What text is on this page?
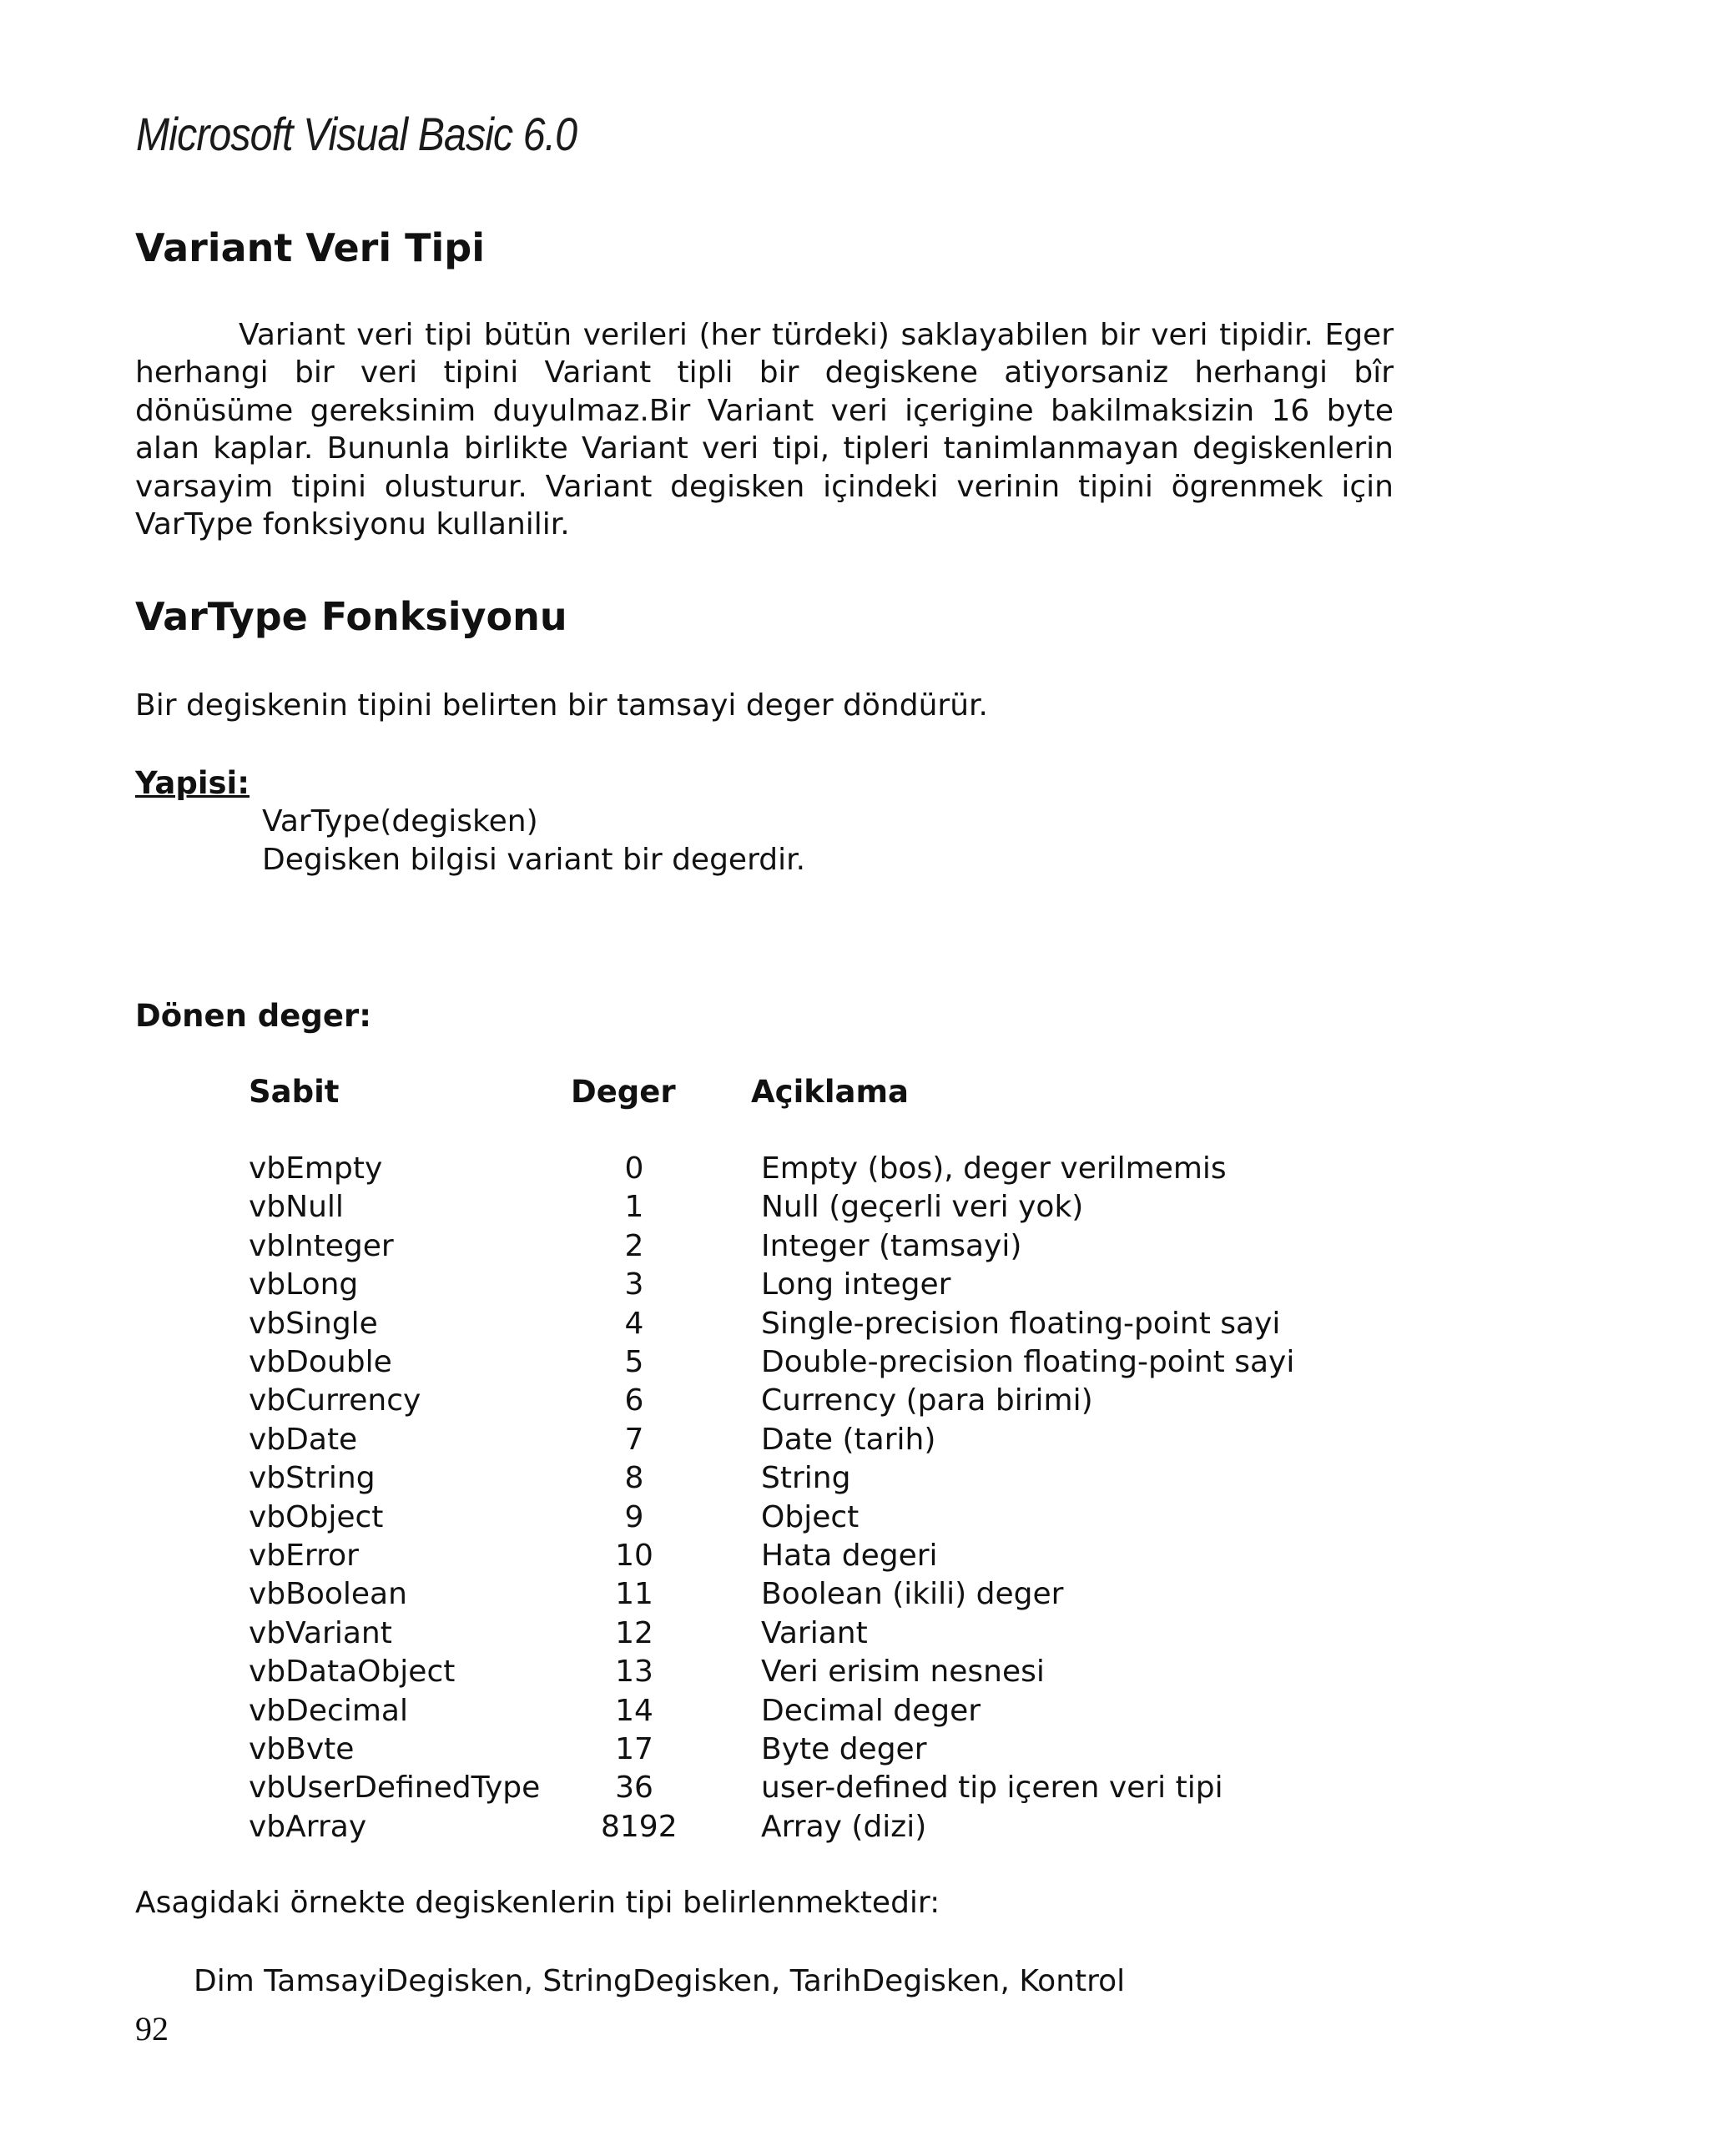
Microsoft Visual Basic 6.0
Variant Veri Tipi
Variant veri tipi bütün verileri (her türdeki) saklayabilen bir veri tipidir. Eger herhangi bir veri tipini Variant tipli bir degiskene atiyorsaniz herhangi bîr dönüsüme gereksinim duyulmaz.Bir Variant veri içerigine bakilmaksizin 16 byte alan kaplar. Bununla birlikte Variant veri tipi, tipleri tanimlanmayan degiskenlerin varsayim tipini olusturur. Variant degisken içindeki verinin tipini ögrenmek için VarType fonksiyonu kullanilir.
VarType Fonksiyonu
Bir degiskenin tipini belirten bir tamsayi deger döndürür.
Yapisi:
VarType(degisken)
Degisken bilgisi variant bir degerdir.
Dönen deger:
Sabit	Deger Açiklama
vbEmpty	0	Empty (bos), deger verilmemis
vbNull	1	Null (geçerli veri yok)
vbInteger	2	Integer (tamsayi)
vbLong	3	Long integer
vbSingle	4	Single-precision floating-point sayi
vbDouble	5	Double-precision floating-point sayi
vbCurrency	6	Currency (para birimi)
vbDate	7	Date (tarih)
vbString	8	String
vbObject	9	Object
vbError	10	Hata degeri
vbBoolean	11	Boolean (ikili) deger
vbVariant	12	Variant
vbDataObject	13	Veri erisim nesnesi
vbDecimal	14	Decimal deger
vbBvte	17	Byte deger
vbUserDefinedType	36	user-defined tip içeren veri tipi
vbArray	8192	Array (dizi)
Asagidaki örnekte degiskenlerin tipi belirlenmektedir:
Dim TamsayiDegisken, StringDegisken, TarihDegisken, Kontrol
92
